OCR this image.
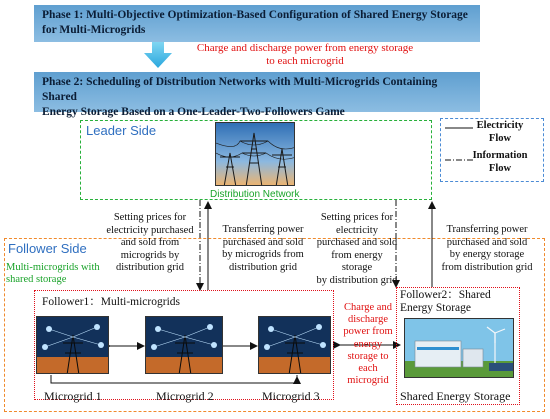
Phase 1: Multi-Objective Optimization-Based Configuration of Shared Energy Storage for Multi-Microgrids
Charge and discharge power from energy storage
to each microgrid
Phase 2: Scheduling of Distribution Networks with Multi-Microgrids Containing Shared
Energy Storage Based on a One-Leader-Two-Followers Game
Leader Side
Distribution Network
Electricity
Flow
Information
Flow
Follower Side
Multi-microgrids with
shared storage
Setting prices for
electricity purchased
and sold from
microgrids by
distribution grid
Transferring power
purchased and sold
by microgrids from
distribution grid
Setting prices for
electricity
purchased and sold
from energy storage
by distribution grid
Transferring power
purchased and sold
by energy storage
from distribution grid
Follower1：Multi-microgrids
Microgrid 1	Microgrid 2	Microgrid 3
Charge and
discharge
power from
energy
storage to
each
microgrid
Follower2：Shared
Energy Storage
Shared Energy Storage
